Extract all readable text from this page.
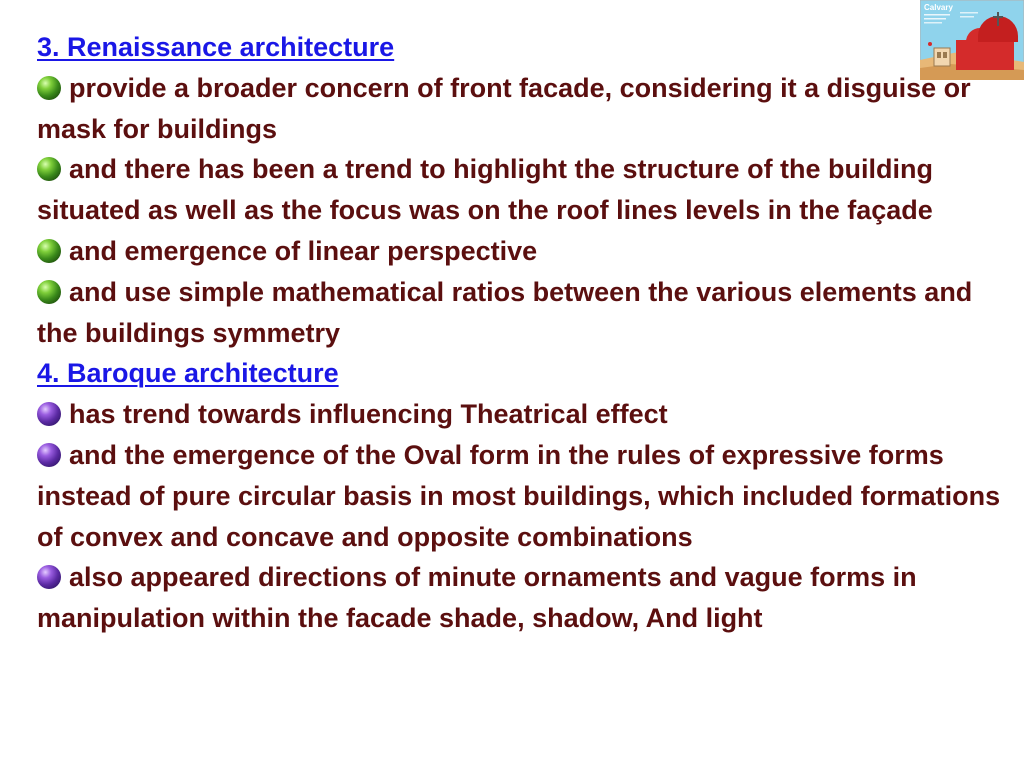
Calvary

3. Renaissance architecture

provide a broader concern of front facade, considering it a disguise or mask for buildings

and there has been a trend to highlight the structure of the building situated as well as the focus was on the roof lines levels in the façade

and emergence of linear perspective

and use simple mathematical ratios between the various elements and the buildings symmetry

4. Baroque architecture

has trend towards influencing Theatrical effect

and the emergence of the Oval form in the rules of expressive forms instead of pure circular basis in most buildings, which included formations of convex and concave and opposite combinations

also appeared directions of minute ornaments and vague forms in manipulation within the facade shade, shadow, And light
